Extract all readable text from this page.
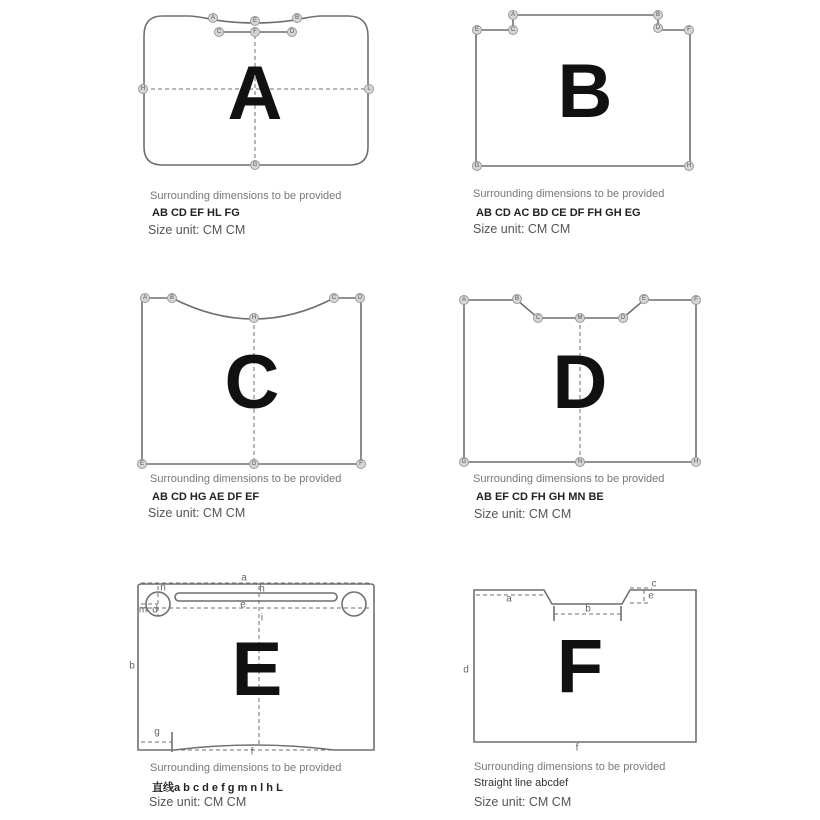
A	E	B
C	F	D
H	L
G
A
A	B
C	D
E	F
G	H
B
A	B
H
C	D
E	G	F
C
A	B
C	M	D
E	F
G	N	H
D
a
n	h
m d	e
i
b
g
f
E
c
a	e
b
d
f
F
Surrounding dimensions to be provided
AB CD EF HL FG
Size unit: CM CM
Surrounding dimensions to be provided
AB CD AC BD CE DF FH GH EG
Size unit: CM CM
Surrounding dimensions to be provided
AB CD HG AE DF EF
Size unit: CM CM
Surrounding dimensions to be provided
AB EF CD FH GH MN BE
Size unit: CM CM
Surrounding dimensions to be provided
直线a b c d e f g m n l h L
Size unit: CM CM
Surrounding dimensions to be provided
Straight line abcdef
Size unit: CM CM
